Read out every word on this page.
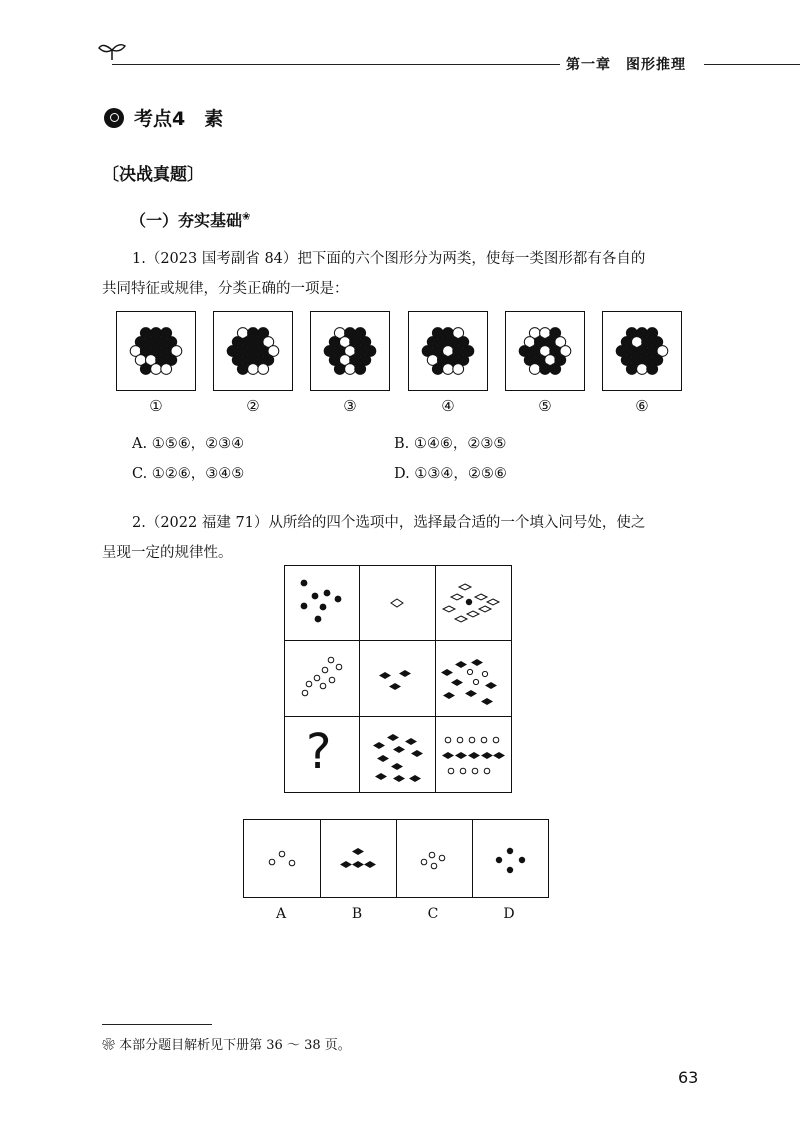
第一章　 图形推理
考点4　素
〔决战真题〕
（一）夯实基础❀
1.（2023 国考副省 84）把下面的六个图形分为两类，使每一类图形都有各自的
共同特征或规律，分类正确的一项是：
①	②	③	④	⑤	⑥
A. ①⑤⑥，②③④	B. ①④⑥，②③⑤
C. ①②⑥，③④⑤	D. ①③④，②⑤⑥
2.（2022 福建 71）从所给的四个选项中，选择最合适的一个填入问号处，使之
呈现一定的规律性。
?
A	B	C	D
❀ 本部分题目解析见下册第 36 ～ 38 页。
63
